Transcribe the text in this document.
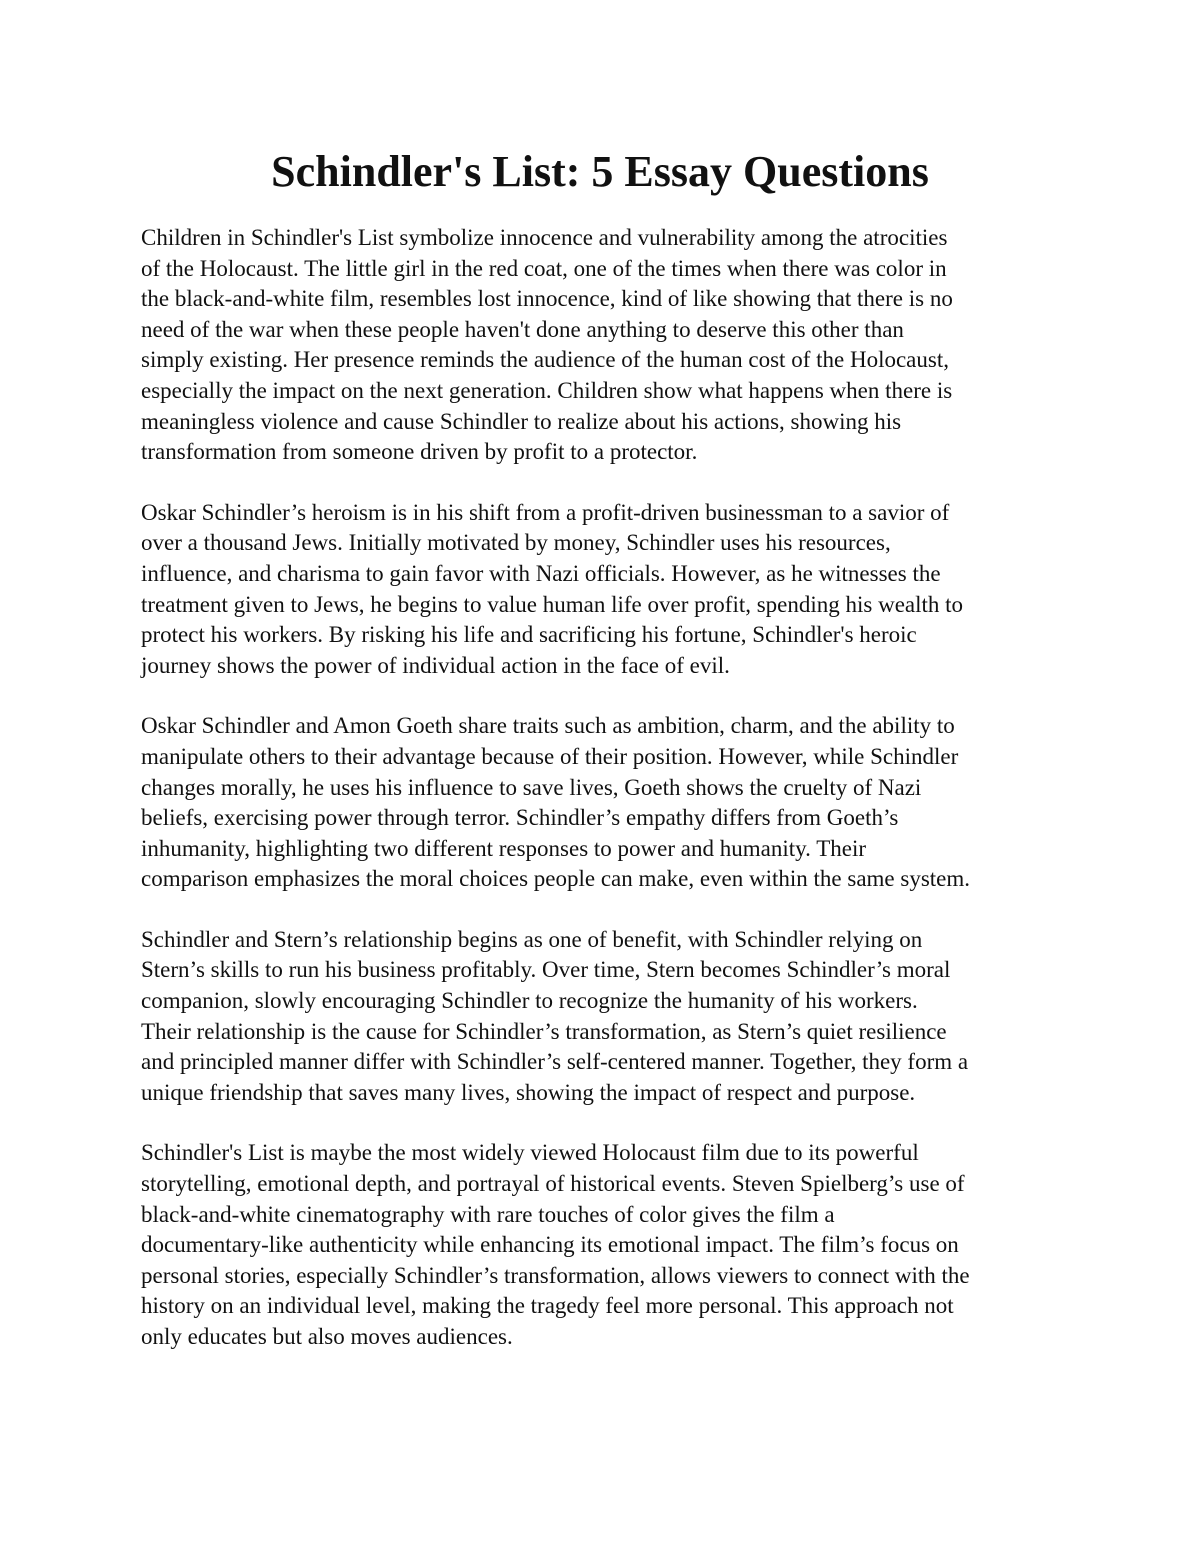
Schindler's List: 5 Essay Questions

Children in Schindler's List symbolize innocence and vulnerability among the atrocities
of the Holocaust. The little girl in the red coat, one of the times when there was color in
the black-and-white film, resembles lost innocence, kind of like showing that there is no
need of the war when these people haven't done anything to deserve this other than
simply existing. Her presence reminds the audience of the human cost of the Holocaust,
especially the impact on the next generation. Children show what happens when there is
meaningless violence and cause Schindler to realize about his actions, showing his
transformation from someone driven by profit to a protector.

Oskar Schindler’s heroism is in his shift from a profit-driven businessman to a savior of
over a thousand Jews. Initially motivated by money, Schindler uses his resources,
influence, and charisma to gain favor with Nazi officials. However, as he witnesses the
treatment given to Jews, he begins to value human life over profit, spending his wealth to
protect his workers. By risking his life and sacrificing his fortune, Schindler's heroic
journey shows the power of individual action in the face of evil.

Oskar Schindler and Amon Goeth share traits such as ambition, charm, and the ability to
manipulate others to their advantage because of their position. However, while Schindler
changes morally, he uses his influence to save lives, Goeth shows the cruelty of Nazi
beliefs, exercising power through terror. Schindler’s empathy differs from Goeth’s
inhumanity, highlighting two different responses to power and humanity. Their
comparison emphasizes the moral choices people can make, even within the same system.

Schindler and Stern’s relationship begins as one of benefit, with Schindler relying on
Stern’s skills to run his business profitably. Over time, Stern becomes Schindler’s moral
companion, slowly encouraging Schindler to recognize the humanity of his workers.
Their relationship is the cause for Schindler’s transformation, as Stern’s quiet resilience
and principled manner differ with Schindler’s self-centered manner. Together, they form a
unique friendship that saves many lives, showing the impact of respect and purpose.

Schindler's List is maybe the most widely viewed Holocaust film due to its powerful
storytelling, emotional depth, and portrayal of historical events. Steven Spielberg’s use of
black-and-white cinematography with rare touches of color gives the film a
documentary-like authenticity while enhancing its emotional impact. The film’s focus on
personal stories, especially Schindler’s transformation, allows viewers to connect with the
history on an individual level, making the tragedy feel more personal. This approach not
only educates but also moves audiences.
